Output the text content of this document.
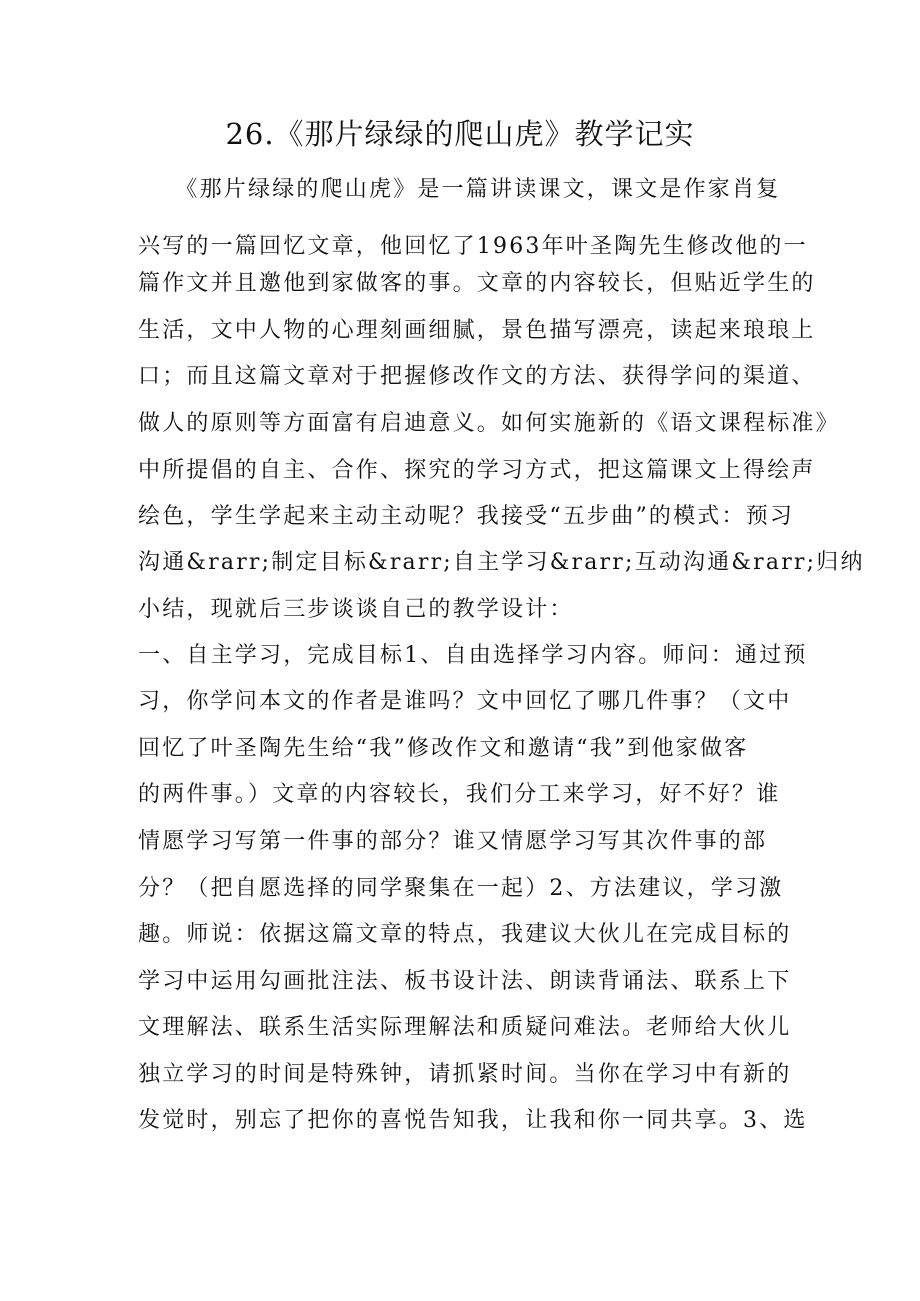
26.《那片绿绿的爬山虎》教学记实
　　《那片绿绿的爬山虎》是一篇讲读课文，课文是作家肖复
兴写的一篇回忆文章，他回忆了1963年叶圣陶先生修改他的一
篇作文并且邀他到家做客的事。文章的内容较长，但贴近学生的
生活，文中人物的心理刻画细腻，景色描写漂亮，读起来琅琅上
口；而且这篇文章对于把握修改作文的方法、获得学问的渠道、
做人的原则等方面富有启迪意义。如何实施新的《语文课程标准》
中所提倡的自主、合作、探究的学习方式，把这篇课文上得绘声
绘色，学生学起来主动主动呢？我接受“五步曲”的模式：预习
沟通&rarr;制定目标&rarr;自主学习&rarr;互动沟通&rarr;归纳
小结，现就后三步谈谈自己的教学设计：
一、自主学习，完成目标1、自由选择学习内容。师问：通过预
习，你学问本文的作者是谁吗？文中回忆了哪几件事？（文中
回忆了叶圣陶先生给“我”修改作文和邀请“我”到他家做客
的两件事。）文章的内容较长，我们分工来学习，好不好？谁
情愿学习写第一件事的部分？谁又情愿学习写其次件事的部
分？（把自愿选择的同学聚集在一起）2、方法建议，学习激
趣。师说：依据这篇文章的特点，我建议大伙儿在完成目标的
学习中运用勾画批注法、板书设计法、朗读背诵法、联系上下
文理解法、联系生活实际理解法和质疑问难法。老师给大伙儿
独立学习的时间是特殊钟，请抓紧时间。当你在学习中有新的
发觉时，别忘了把你的喜悦告知我，让我和你一同共享。3、选
